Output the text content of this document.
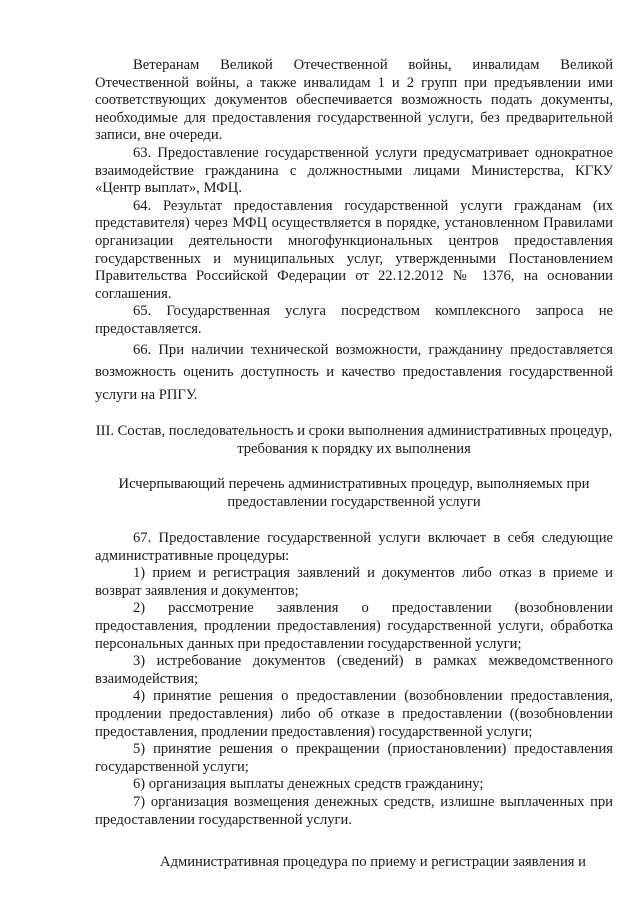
Ветеранам Великой Отечественной войны, инвалидам Великой Отечественной войны, а также инвалидам 1 и 2 групп при предъявлении ими соответствующих документов обеспечивается возможность подать документы, необходимые для предоставления государственной услуги, без предварительной записи, вне очереди.

63. Предоставление государственной услуги предусматривает однократное взаимодействие гражданина с должностными лицами Министерства, КГКУ «Центр выплат», МФЦ.

64. Результат предоставления государственной услуги гражданам (их представителя) через МФЦ осуществляется в порядке, установленном Правилами организации деятельности многофункциональных центров предоставления государственных и муниципальных услуг, утвержденными Постановлением Правительства Российской Федерации от 22.12.2012 № 1376, на основании соглашения.

65. Государственная услуга посредством комплексного запроса не предоставляется.

66. При наличии технической возможности, гражданину предоставляется возможность оценить доступность и качество предоставления государственной услуги на РПГУ.

III. Состав, последовательность и сроки выполнения административных процедур, требования к порядку их выполнения

Исчерпывающий перечень административных процедур, выполняемых при предоставлении государственной услуги

67. Предоставление государственной услуги включает в себя следующие административные процедуры:

1) прием и регистрация заявлений и документов либо отказ в приеме и возврат заявления и документов;

2) рассмотрение заявления о предоставлении (возобновлении предоставления, продлении предоставления) государственной услуги, обработка персональных данных при предоставлении государственной услуги;

3) истребование документов (сведений) в рамках межведомственного взаимодействия;

4) принятие решения о предоставлении (возобновлении предоставления, продлении предоставления) либо об отказе в предоставлении ((возобновлении предоставления, продлении предоставления) государственной услуги;

5) принятие решения о прекращении (приостановлении) предоставления государственной услуги;

6) организация выплаты денежных средств гражданину;

7) организация возмещения денежных средств, излишне выплаченных при предоставлении государственной услуги.

Административная процедура по приему и регистрации заявления и
